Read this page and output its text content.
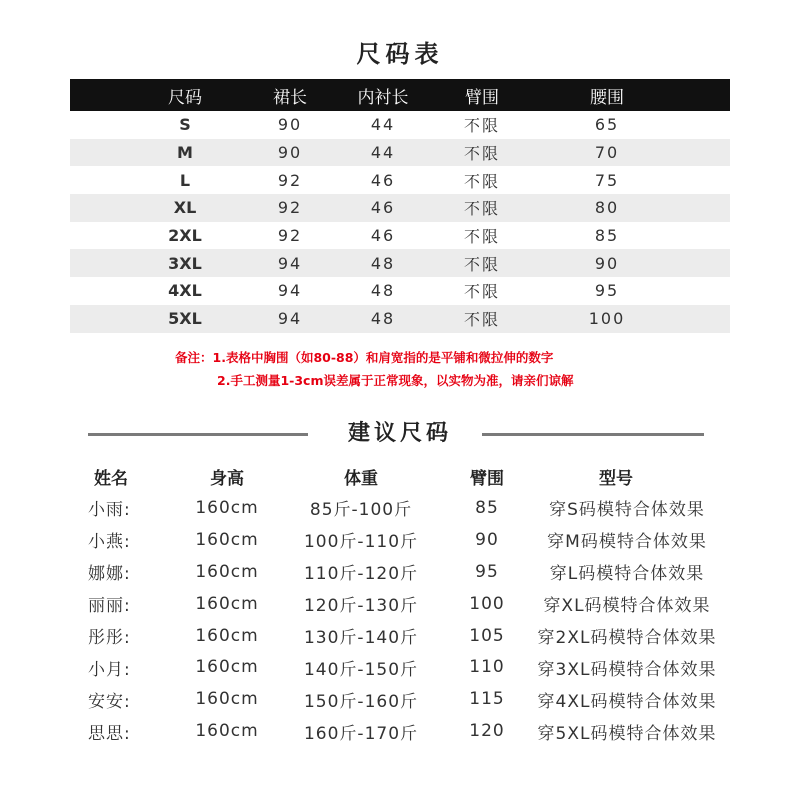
尺码表
尺码	裙长	内衬长	臂围	腰围
S	90	44	不限	65
M	90	44	不限	70
L	92	46	不限	75
XL	92	46	不限	80
2XL	92	46	不限	85
3XL	94	48	不限	90
4XL	94	48	不限	95
5XL	94	48	不限	100
备注：1.表格中胸围（如80-88）和肩宽指的是平铺和微拉伸的数字
2.手工测量1-3cm误差属于正常现象，以实物为准，请亲们谅解
建议尺码
姓名	身高	体重	臂围	型号
小雨:	160cm	85斤-100斤	85	穿S码模特合体效果
小燕:	160cm	100斤-110斤	90	穿M码模特合体效果
娜娜:	160cm	110斤-120斤	95	穿L码模特合体效果
丽丽:	160cm	120斤-130斤	100 穿XL码模特合体效果
彤彤:	160cm	130斤-140斤	105 穿2XL码模特合体效果
小月:	160cm	140斤-150斤	110 穿3XL码模特合体效果
安安:	160cm	150斤-160斤	115 穿4XL码模特合体效果
思思:	160cm	160斤-170斤	120 穿5XL码模特合体效果
